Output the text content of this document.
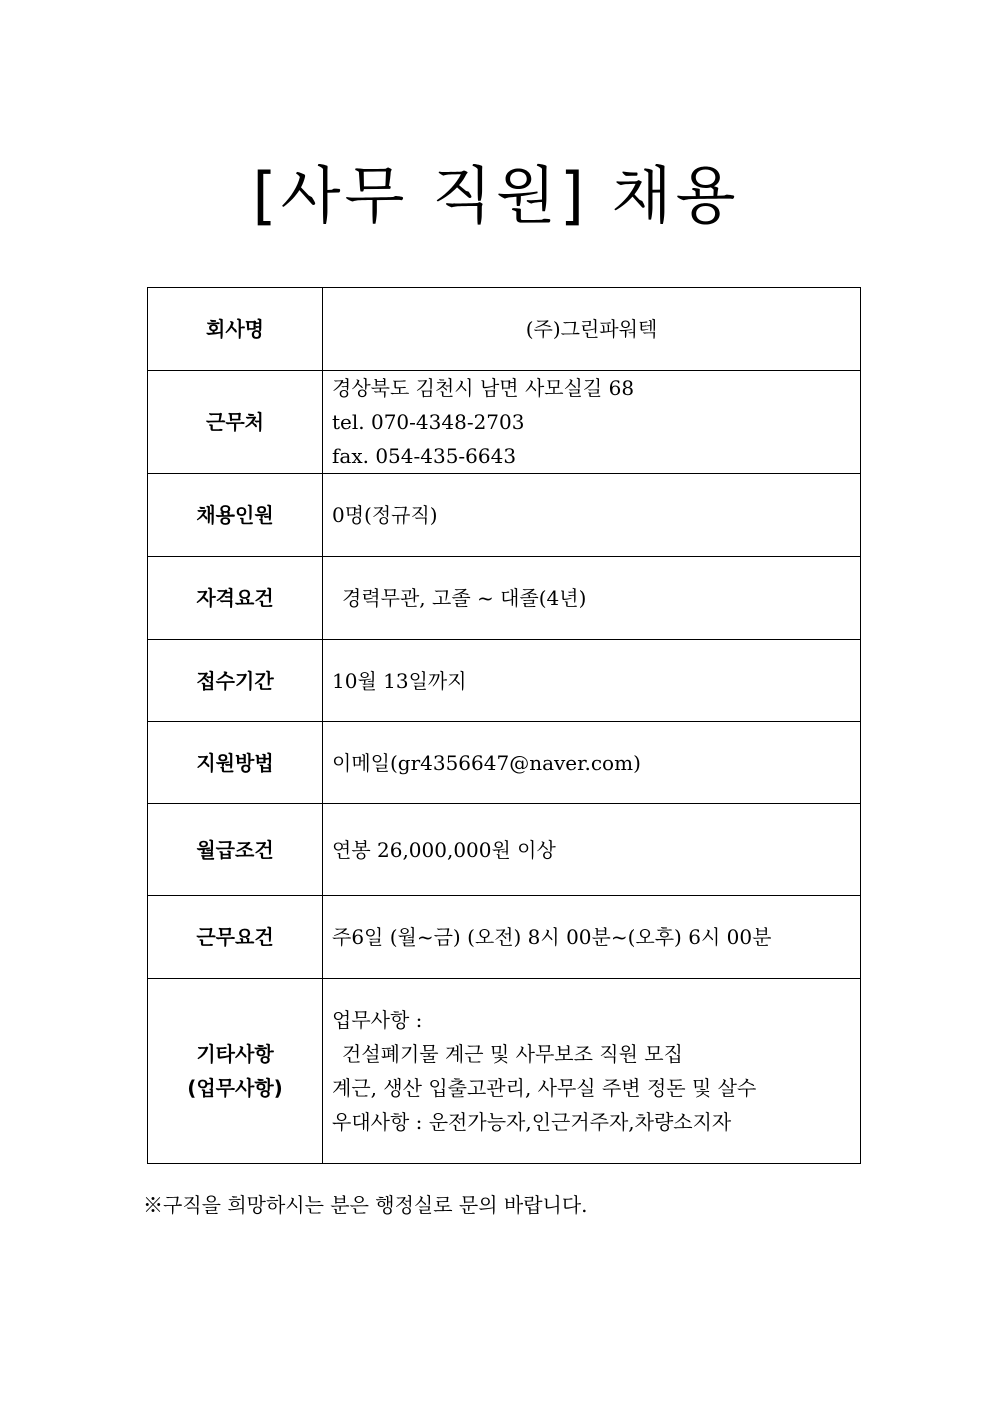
[사무 직원] 채용
회사명	(주)그린파워텍
근무처	경상북도 김천시 남면 사모실길 68
tel. 070-4348-2703
fax. 054-435-6643

채용인원	0명(정규직)
자격요건	경력무관, 고졸 ~ 대졸(4년)
접수기간	10월 13일까지
지원방법	이메일(gr4356647@naver.com)
월급조건	연봉 26,000,000원 이상
근무요건	주6일 (월~금) (오전) 8시 00분~(오후) 6시 00분

기타사항
(업무사항)	업무사항 :
건설폐기물 계근 및 사무보조 직원 모집
계근, 생산 입출고관리, 사무실 주변 정돈 및 살수
우대사항 : 운전가능자,인근거주자,차량소지자
※구직을 희망하시는 분은 행정실로 문의 바랍니다.
